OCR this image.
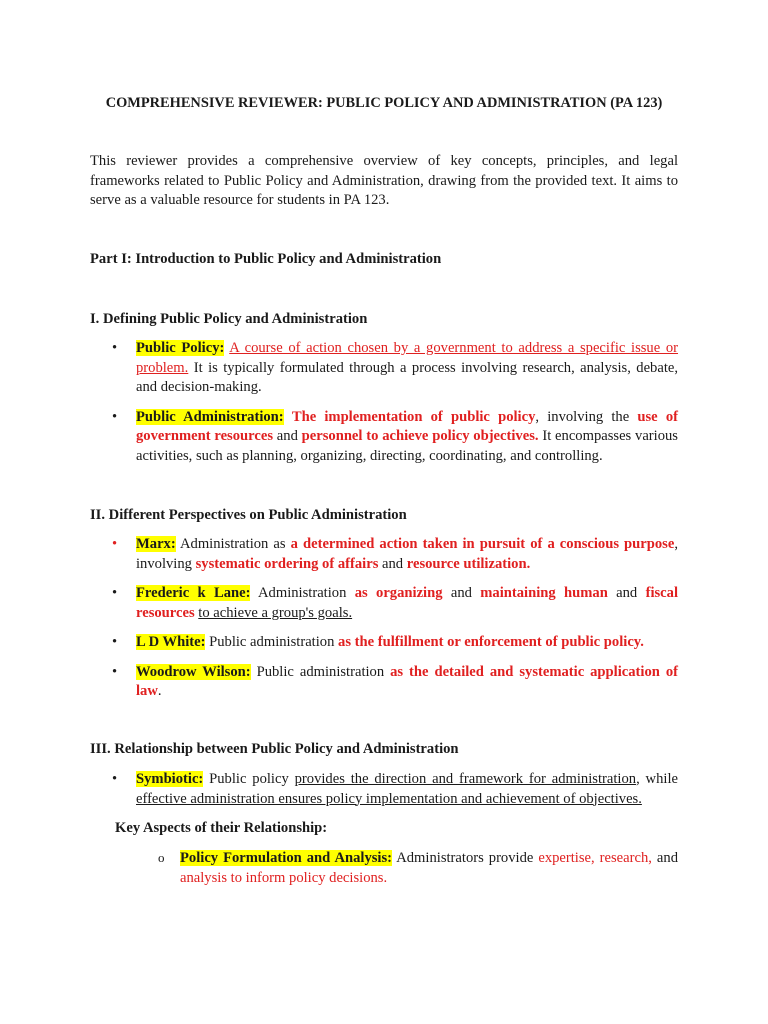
COMPREHENSIVE REVIEWER: PUBLIC POLICY AND ADMINISTRATION (PA 123)
This reviewer provides a comprehensive overview of key concepts, principles, and legal frameworks related to Public Policy and Administration, drawing from the provided text. It aims to serve as a valuable resource for students in PA 123.
Part I: Introduction to Public Policy and Administration
I. Defining Public Policy and Administration
• Public Policy: A course of action chosen by a government to address a specific issue or problem. It is typically formulated through a process involving research, analysis, debate, and decision-making.
• Public Administration: The implementation of public policy, involving the use of government resources and personnel to achieve policy objectives. It encompasses various activities, such as planning, organizing, directing, coordinating, and controlling.
II. Different Perspectives on Public Administration
• Marx: Administration as a determined action taken in pursuit of a conscious purpose, involving systematic ordering of affairs and resource utilization.
• Frederic k Lane: Administration as organizing and maintaining human and fiscal resources to achieve a group's goals.
• L D White: Public administration as the fulfillment or enforcement of public policy.
• Woodrow Wilson: Public administration as the detailed and systematic application of law.
III. Relationship between Public Policy and Administration
• Symbiotic: Public policy provides the direction and framework for administration, while effective administration ensures policy implementation and achievement of objectives.
Key Aspects of their Relationship:
o Policy Formulation and Analysis: Administrators provide expertise, research, and analysis to inform policy decisions.
